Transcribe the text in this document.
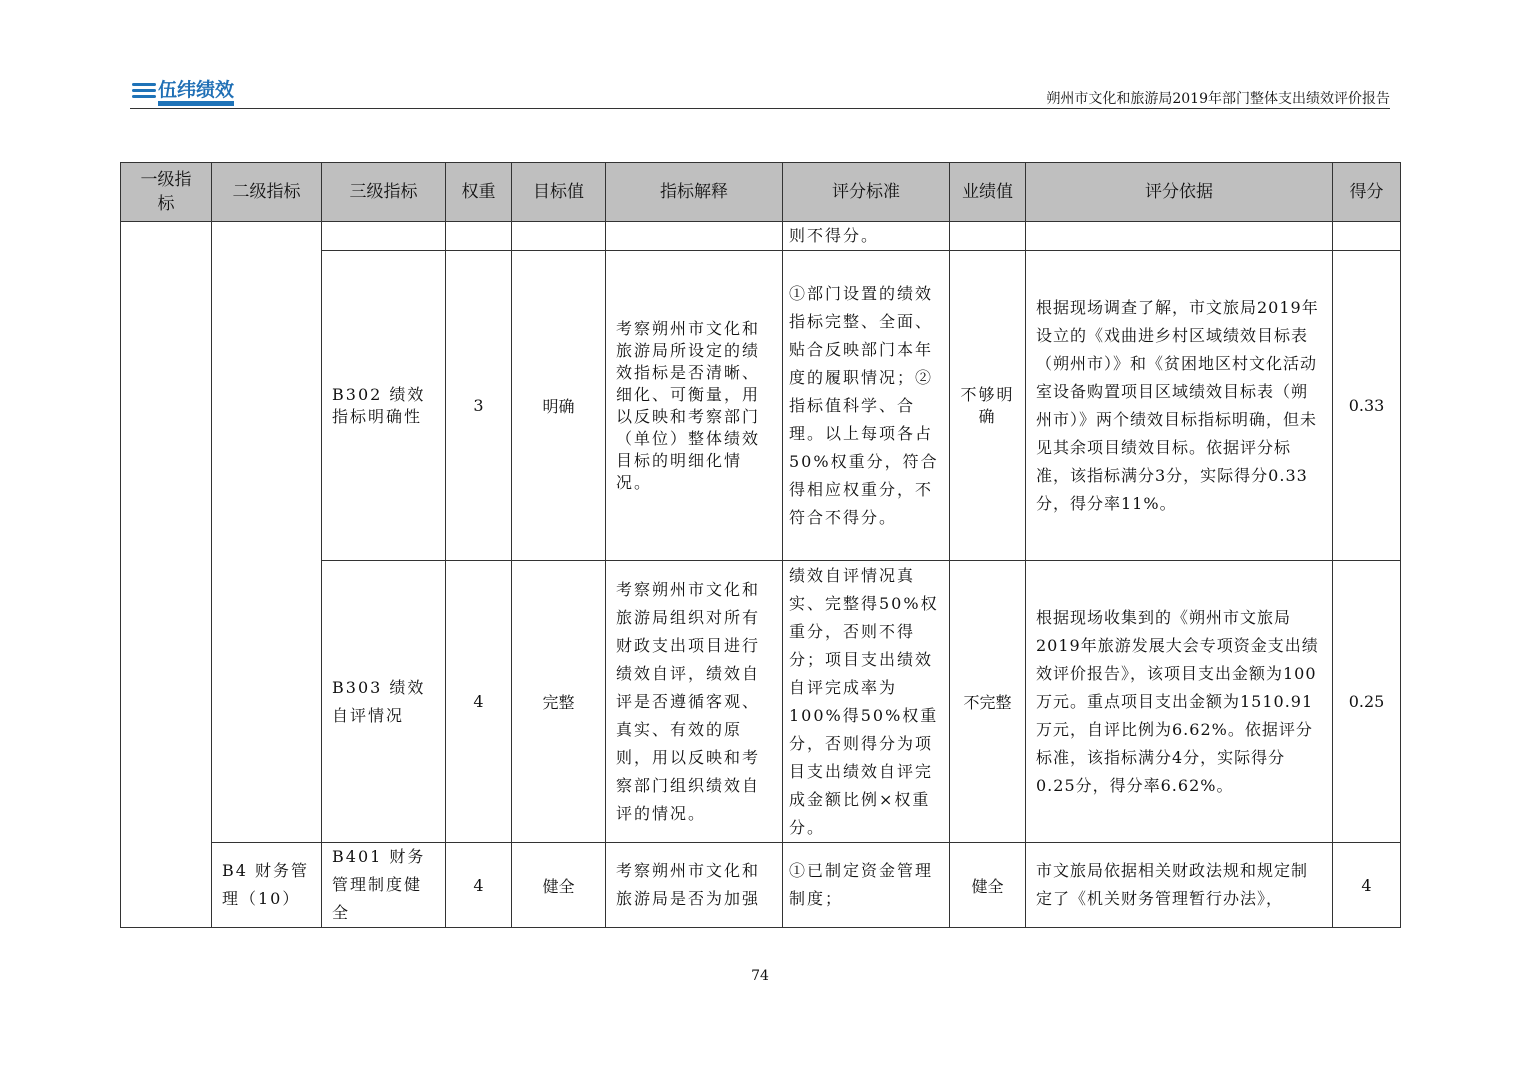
伍纬绩效	朔州市文化和旅游局2019年部门整体支出绩效评价报告
一级指标	二级指标	三级指标	权重	目标值	指标解释	评分标准	业绩值	评分依据	得分
						则不得分。			
		B302 绩效指标明确性	3	明确	考察朔州市文化和旅游局所设定的绩效指标是否清晰、细化、可衡量，用以反映和考察部门（单位）整体绩效目标的明细化情况。	①部门设置的绩效指标完整、全面、贴合反映部门本年度的履职情况；②指标值科学、合理。以上每项各占50%权重分，符合得相应权重分，不符合不得分。	不够明确	根据现场调查了解，市文旅局2019年设立的《戏曲进乡村区域绩效目标表（朔州市）》和《贫困地区村文化活动室设备购置项目区域绩效目标表（朔州市）》两个绩效目标指标明确，但未见其余项目绩效目标。依据评分标准，该指标满分3分，实际得分0.33分，得分率11%。	0.33
		B303 绩效自评情况	4	完整	考察朔州市文化和旅游局组织对所有财政支出项目进行绩效自评，绩效自评是否遵循客观、真实、有效的原则，用以反映和考察部门组织绩效自评的情况。	绩效自评情况真实、完整得50%权重分，否则不得分；项目支出绩效自评完成率为100%得50%权重分，否则得分为项目支出绩效自评完成金额比例×权重分。	不完整	根据现场收集到的《朔州市文旅局2019年旅游发展大会专项资金支出绩效评价报告》，该项目支出金额为100万元。重点项目支出金额为1510.91万元，自评比例为6.62%。依据评分标准，该指标满分4分，实际得分0.25分，得分率6.62%。	0.25
	B4 财务管理（10）	B401 财务管理制度健全	4	健全	考察朔州市文化和旅游局是否为加强	①已制定资金管理制度；	健全	市文旅局依据相关财政法规和规定制定了《机关财务管理暂行办法》，	4
74
